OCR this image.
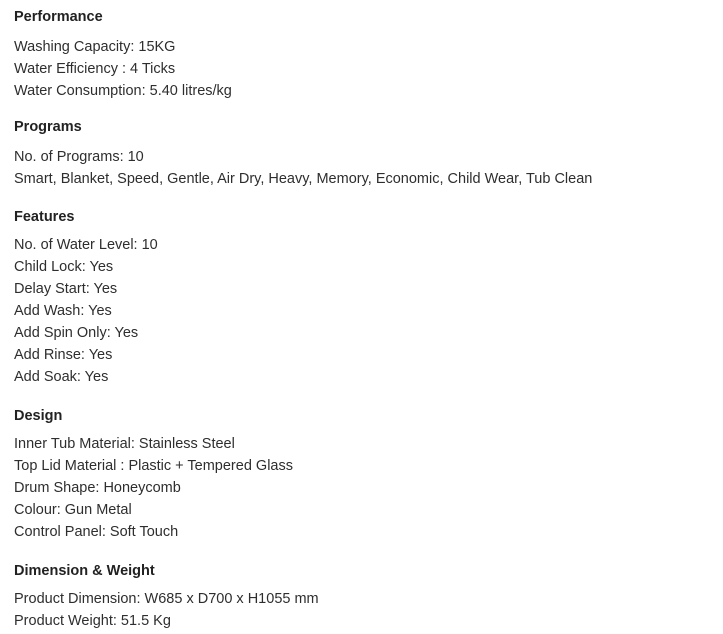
Performance

Washing Capacity: 15KG

Water Efficiency : 4 Ticks

Water Consumption: 5.40 litres/kg

Programs

No. of Programs: 10

Smart, Blanket, Speed, Gentle, Air Dry, Heavy, Memory, Economic, Child Wear, Tub Clean

Features

No. of Water Level: 10

Child Lock: Yes

Delay Start: Yes

Add Wash: Yes

Add Spin Only: Yes

Add Rinse: Yes

Add Soak: Yes

Design

Inner Tub Material: Stainless Steel

Top Lid Material : Plastic + Tempered Glass

Drum Shape: Honeycomb

Colour: Gun Metal

Control Panel: Soft Touch

Dimension & Weight

Product Dimension: W685 x D700 x H1055 mm

Product Weight: 51.5 Kg
